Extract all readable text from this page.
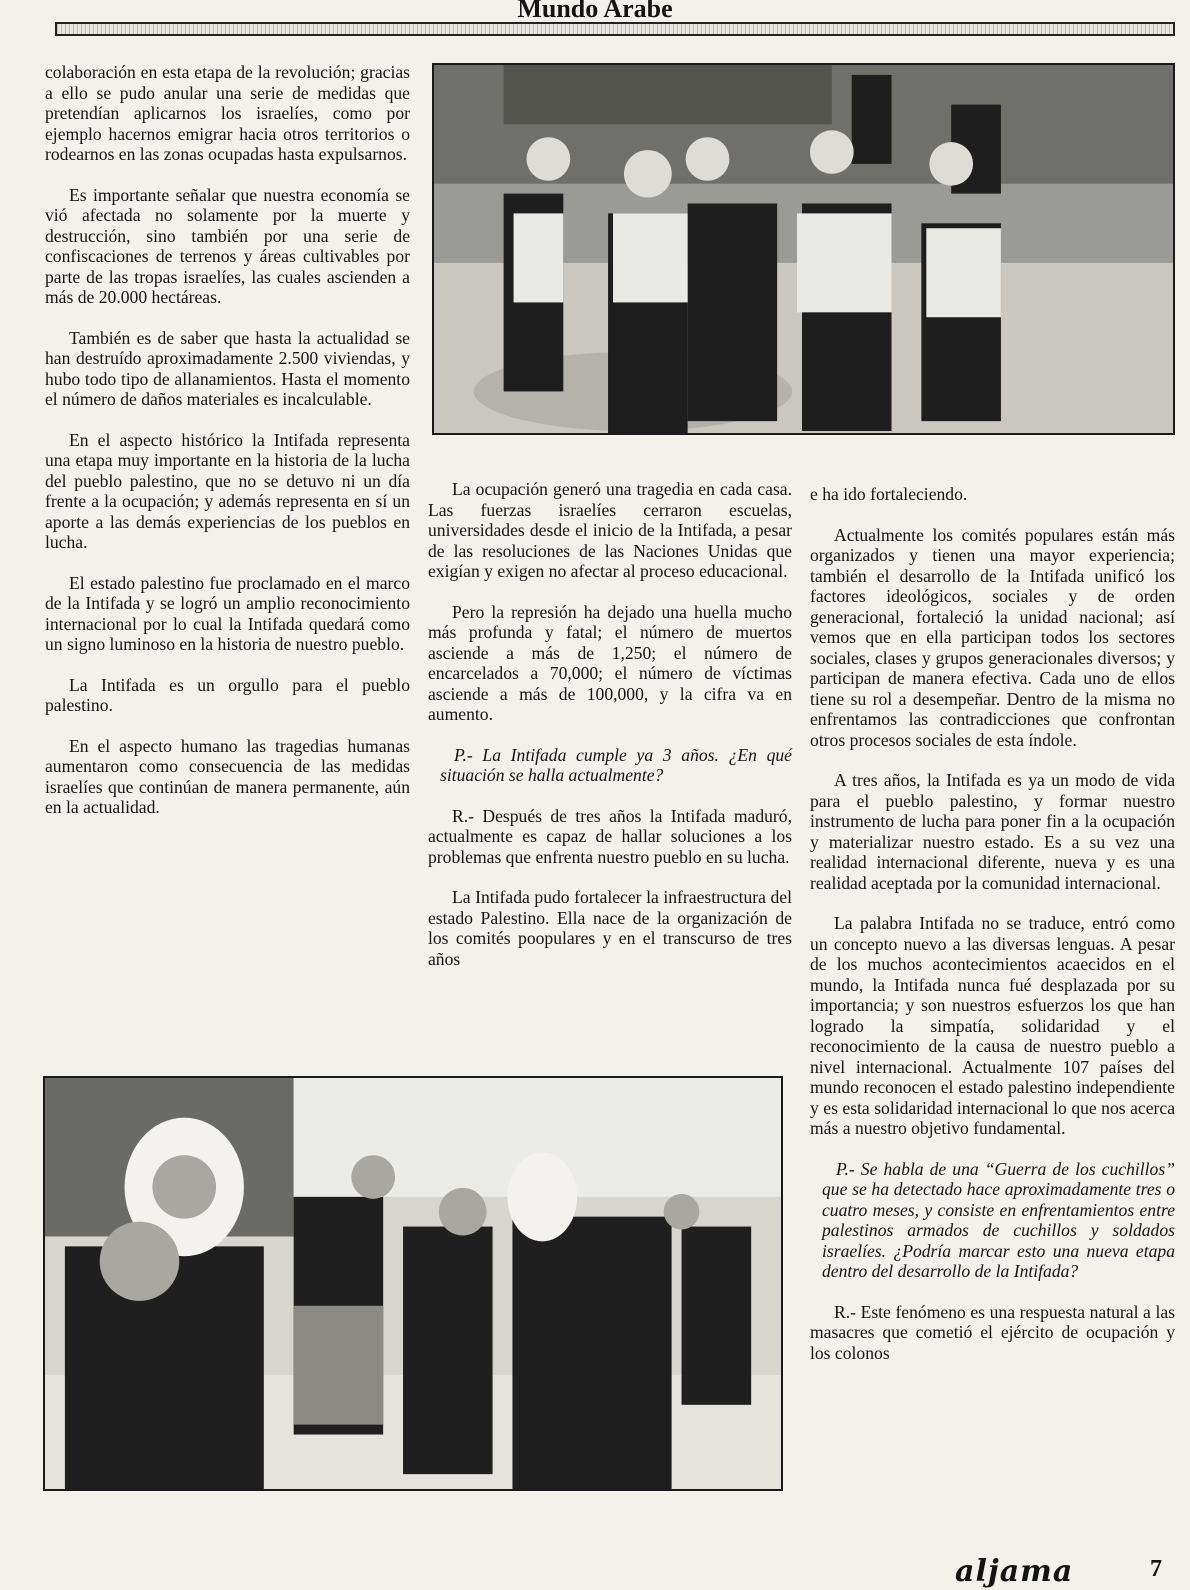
Mundo Arabe

colaboración en esta etapa de la revolución; gracias a ello se pudo anular una serie de medidas que pretendían aplicarnos los israelíes, como por ejemplo hacernos emigrar hacia otros territorios o rodearnos en las zonas ocupadas hasta expulsarnos.

Es importante señalar que nuestra economía se vió afectada no solamente por la muerte y destrucción, sino también por una serie de confiscaciones de terrenos y áreas cultivables por parte de las tropas israelíes, las cuales ascienden a más de 20.000 hectáreas.

También es de saber que hasta la actualidad se han destruído aproximadamente 2.500 viviendas, y hubo todo tipo de allanamientos. Hasta el momento el número de daños materiales es incalculable.

En el aspecto histórico la Intifada representa una etapa muy importante en la historia de la lucha del pueblo palestino, que no se detuvo ni un día frente a la ocupación; y además representa en sí un aporte a las demás experiencias de los pueblos en lucha.

El estado palestino fue proclamado en el marco de la Intifada y se logró un amplio reconocimiento internacional por lo cual la Intifada quedará como un signo luminoso en la historia de nuestro pueblo.

La Intifada es un orgullo para el pueblo palestino.

En el aspecto humano las tragedias humanas aumentaron como consecuencia de las medidas israelíes que continúan de manera permanente, aún en la actualidad.

La ocupación generó una tragedia en cada casa. Las fuerzas israelíes cerraron escuelas, universidades desde el inicio de la Intifada, a pesar de las resoluciones de las Naciones Unidas que exigían y exigen no afectar al proceso educacional.

Pero la represión ha dejado una huella mucho más profunda y fatal; el número de muertos asciende a más de 1,250; el número de encarcelados a 70,000; el número de víctimas asciende a más de 100,000, y la cifra va en aumento.

P.- La Intifada cumple ya 3 años. ¿En qué situación se halla actualmente?

R.- Después de tres años la Intifada maduró, actualmente es capaz de hallar soluciones a los problemas que enfrenta nuestro pueblo en su lucha.

La Intifada pudo fortalecer la infraestructura del estado Palestino. Ella nace de la organización de los comités poopulares y en el transcurso de tres años

e ha ido fortaleciendo.

Actualmente los comités populares están más organizados y tienen una mayor experiencia; también el desarrollo de la Intifada unificó los factores ideológicos, sociales y de orden generacional, fortaleció la unidad nacional; así vemos que en ella participan todos los sectores sociales, clases y grupos generacionales diversos; y participan de manera efectiva. Cada uno de ellos tiene su rol a desempeñar. Dentro de la misma no enfrentamos las contradicciones que confrontan otros procesos sociales de esta índole.

A tres años, la Intifada es ya un modo de vida para el pueblo palestino, y formar nuestro instrumento de lucha para poner fin a la ocupación y materializar nuestro estado. Es a su vez una realidad internacional diferente, nueva y es una realidad aceptada por la comunidad internacional.

La palabra Intifada no se traduce, entró como un concepto nuevo a las diversas lenguas. A pesar de los muchos acontecimientos acaecidos en el mundo, la Intifada nunca fué desplazada por su importancia; y son nuestros esfuerzos los que han logrado la simpatía, solidaridad y el reconocimiento de la causa de nuestro pueblo a nivel internacional. Actualmente 107 países del mundo reconocen el estado palestino independiente y es esta solidaridad internacional lo que nos acerca más a nuestro objetivo fundamental.

P.- Se habla de una “Guerra de los cuchillos” que se ha detectado hace aproximadamente tres o cuatro meses, y consiste en enfrentamientos entre palestinos armados de cuchillos y soldados israelíes. ¿Podría marcar esto una nueva etapa dentro del desarrollo de la Intifada?

R.- Este fenómeno es una respuesta natural a las masacres que cometió el ejército de ocupación y los colonos

aljama	7
